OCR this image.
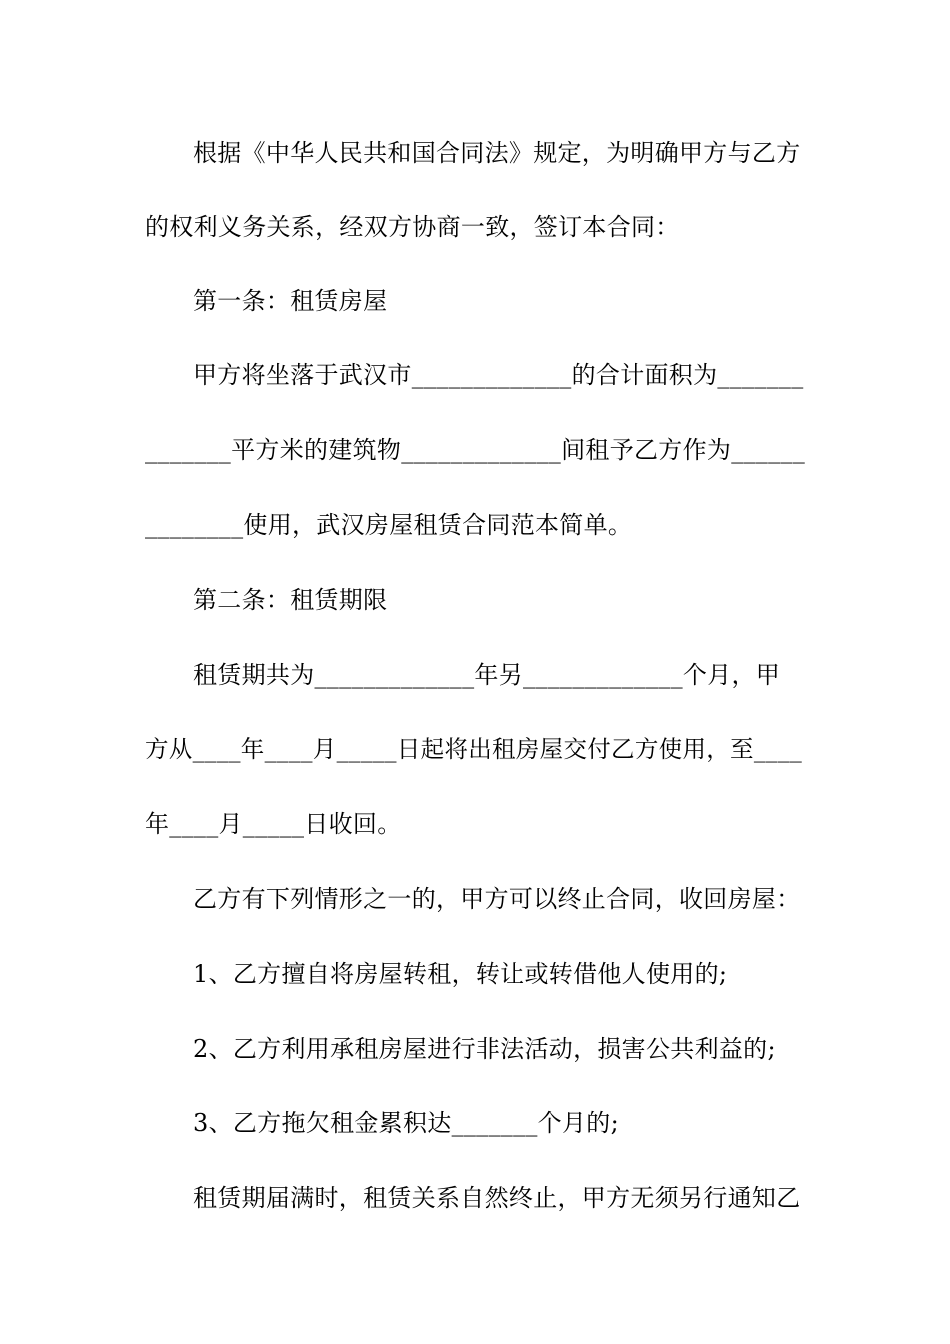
根据《中华人民共和国合同法》规定，为明确甲方与乙方
的权利义务关系，经双方协商一致，签订本合同：
第一条：租赁房屋
甲方将坐落于武汉市_____________的合计面积为_______
_______平方米的建筑物_____________间租予乙方作为______
________使用，武汉房屋租赁合同范本简单。
第二条：租赁期限
租赁期共为_____________年另_____________个月，甲
方从____年____月_____日起将出租房屋交付乙方使用，至____
年____月_____日收回。
乙方有下列情形之一的，甲方可以终止合同，收回房屋：
1、乙方擅自将房屋转租，转让或转借他人使用的;
2、乙方利用承租房屋进行非法活动，损害公共利益的;
3、乙方拖欠租金累积达_______个月的;
租赁期届满时，租赁关系自然终止，甲方无须另行通知乙
